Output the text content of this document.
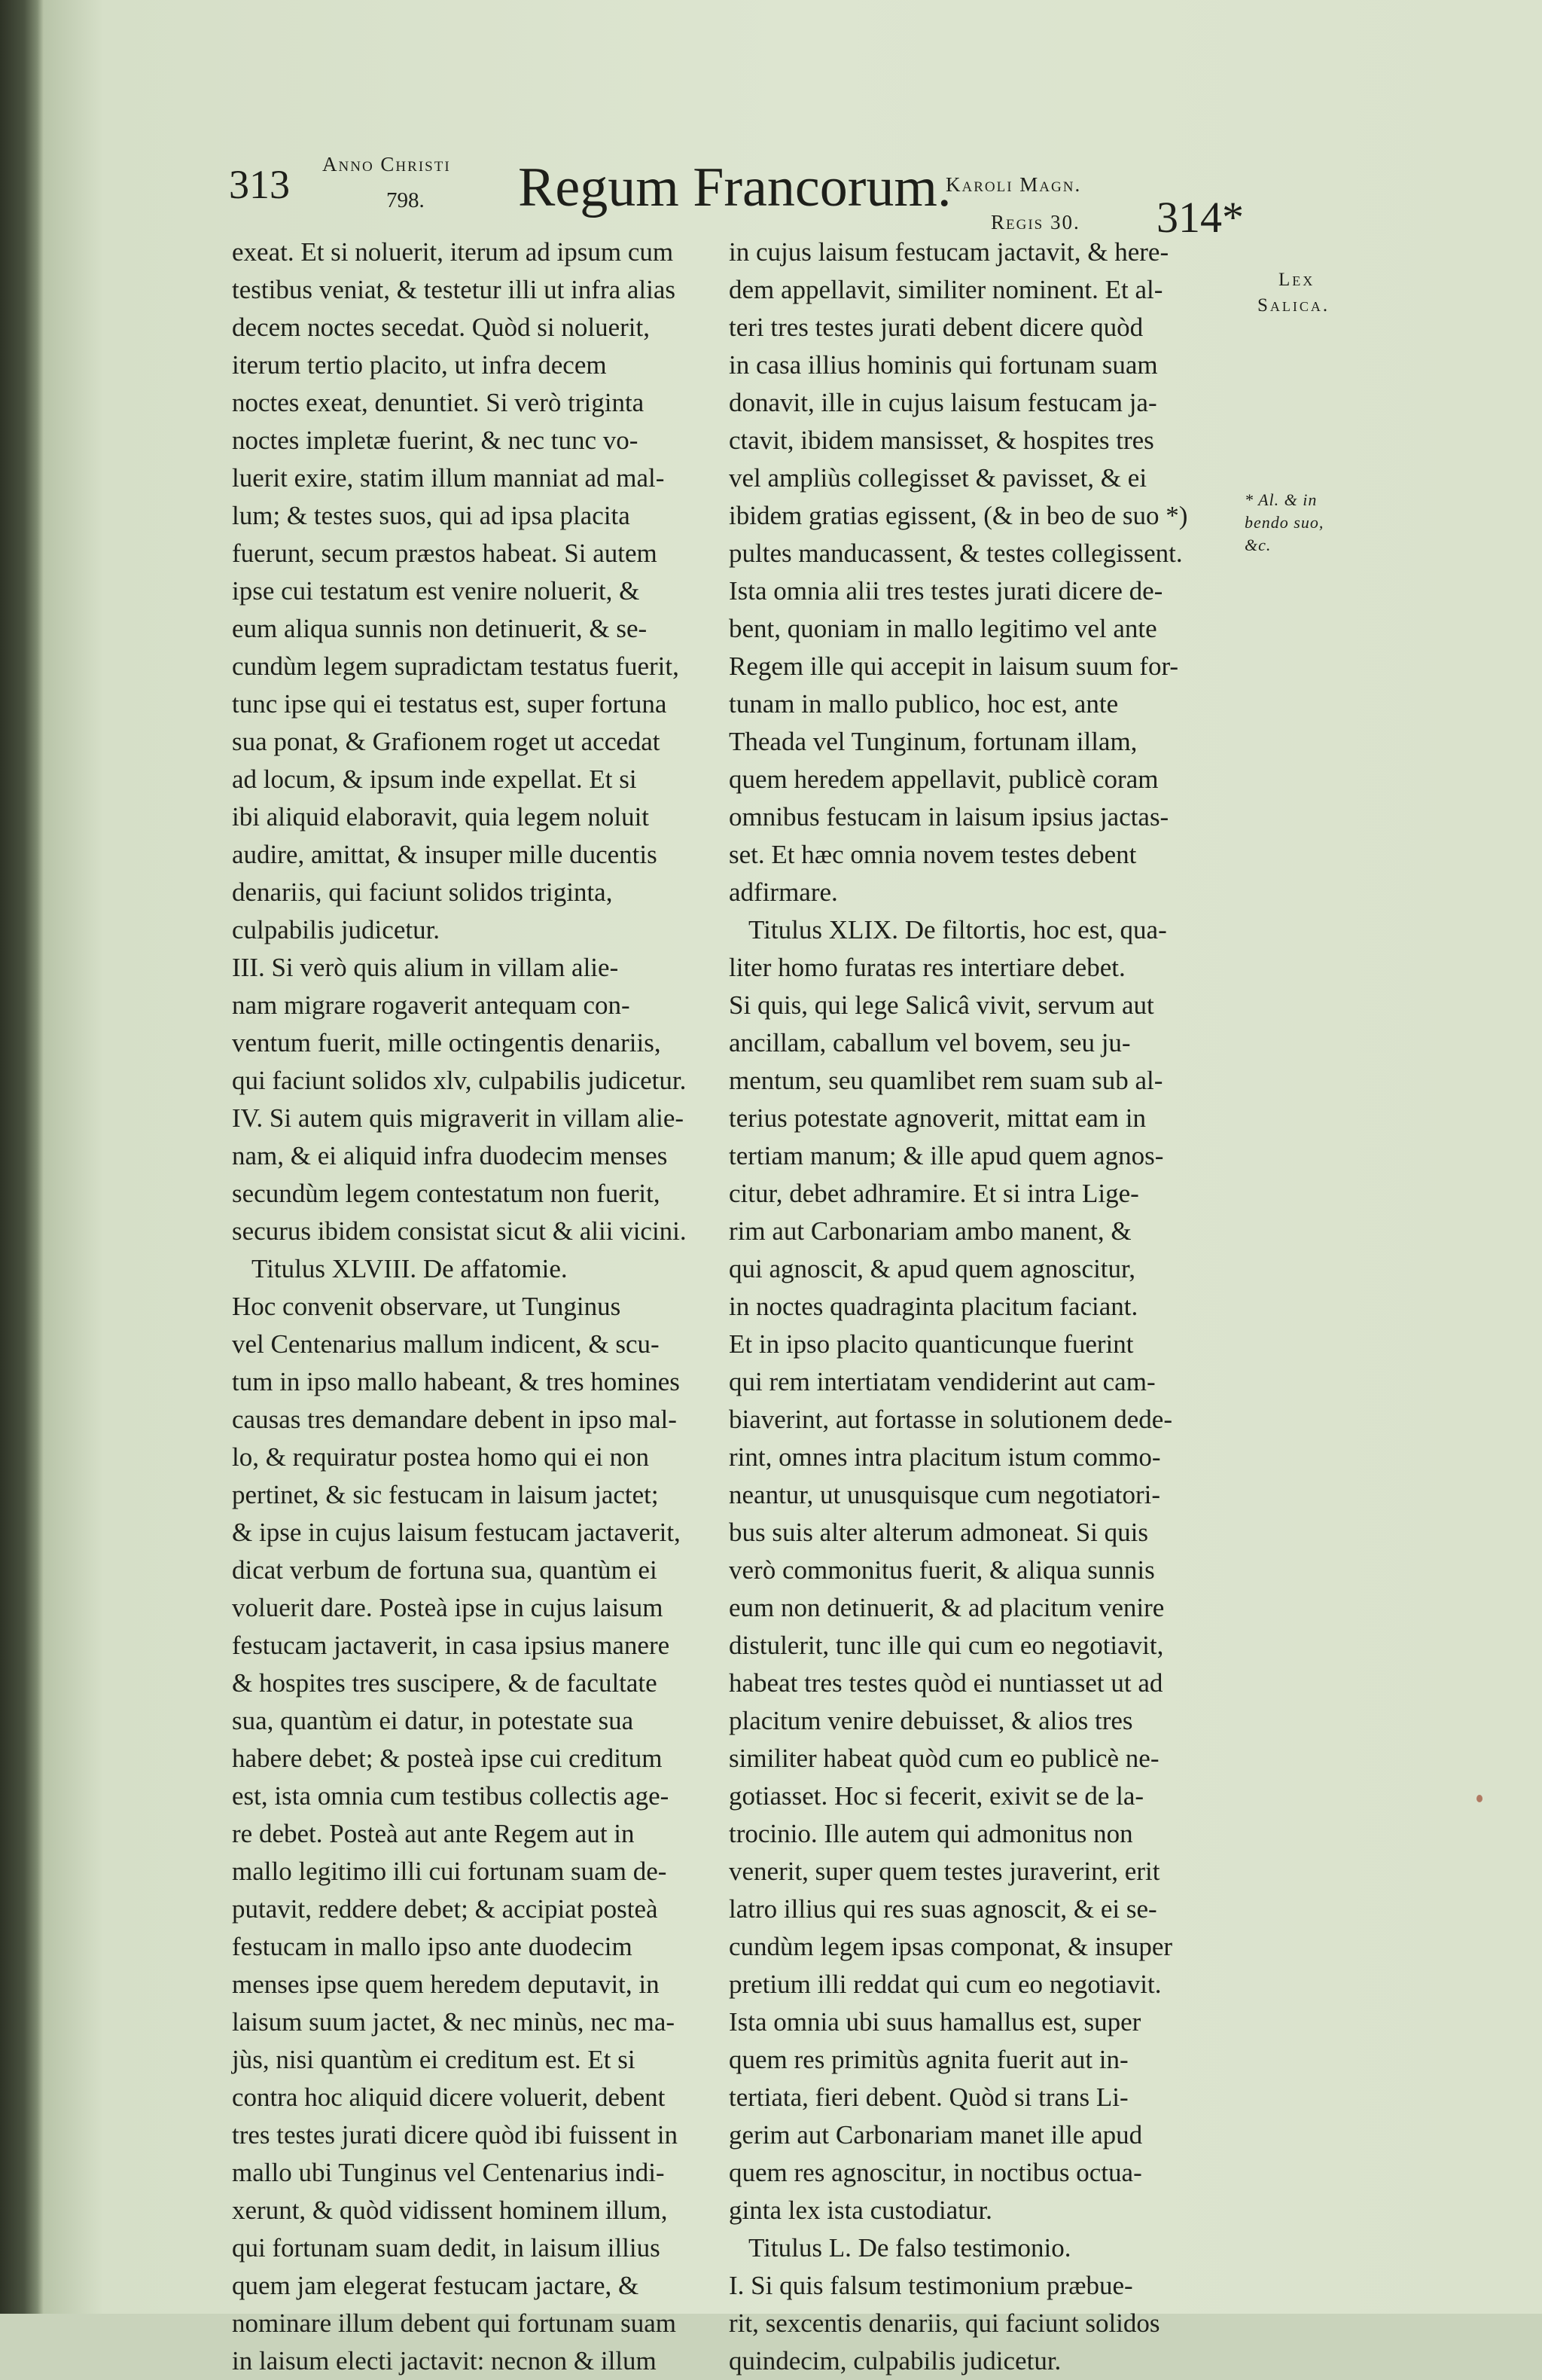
313 Anno Christi
798. Regum Francorum.
Karoli Magn.
Regis 30. 314*
Lex
Salica.
* Al. & in
bendo suo,
&c.
exeat. Et si noluerit, iterum ad ipsum cum
testibus veniat, & testetur illi ut infra alias
decem noctes secedat. Quòd si noluerit,
iterum tertio placito, ut infra decem
noctes exeat, denuntiet. Si verò triginta
noctes impletæ fuerint, & nec tunc vo-
luerit exire, statim illum manniat ad mal-
lum; & testes suos, qui ad ipsa placita
fuerunt, secum præstos habeat. Si autem
ipse cui testatum est venire noluerit, &
eum aliqua sunnis non detinuerit, & se-
cundùm legem supradictam testatus fuerit,
tunc ipse qui ei testatus est, super fortuna
sua ponat, & Grafionem roget ut accedat
ad locum, & ipsum inde expellat. Et si
ibi aliquid elaboravit, quia legem noluit
audire, amittat, & insuper mille ducentis
denariis, qui faciunt solidos triginta,
culpabilis judicetur.
III. Si verò quis alium in villam alie-
nam migrare rogaverit antequam con-
ventum fuerit, mille octingentis denariis,
qui faciunt solidos xlv, culpabilis judicetur.
IV. Si autem quis migraverit in villam alie-
nam, & ei aliquid infra duodecim menses
secundùm legem contestatum non fuerit,
securus ibidem consistat sicut & alii vicini.
Titulus XLVIII. De affatomie.
Hoc convenit observare, ut Tunginus
vel Centenarius mallum indicent, & scu-
tum in ipso mallo habeant, & tres homines
causas tres demandare debent in ipso mal-
lo, & requiratur postea homo qui ei non
pertinet, & sic festucam in laisum jactet;
& ipse in cujus laisum festucam jactaverit,
dicat verbum de fortuna sua, quantùm ei
voluerit dare. Posteà ipse in cujus laisum
festucam jactaverit, in casa ipsius manere
& hospites tres suscipere, & de facultate
sua, quantùm ei datur, in potestate sua
habere debet; & posteà ipse cui creditum
est, ista omnia cum testibus collectis age-
re debet. Posteà aut ante Regem aut in
mallo legitimo illi cui fortunam suam de-
putavit, reddere debet; & accipiat posteà
festucam in mallo ipso ante duodecim
menses ipse quem heredem deputavit, in
laisum suum jactet, & nec minùs, nec ma-
jùs, nisi quantùm ei creditum est. Et si
contra hoc aliquid dicere voluerit, debent
tres testes jurati dicere quòd ibi fuissent in
mallo ubi Tunginus vel Centenarius indi-
xerunt, & quòd vidissent hominem illum,
qui fortunam suam dedit, in laisum illius
quem jam elegerat festucam jactare, &
nominare illum debent qui fortunam suam
in laisum electi jactavit: necnon & illum
in cujus laisum festucam jactavit, & here-
dem appellavit, similiter nominent. Et al-
teri tres testes jurati debent dicere quòd
in casa illius hominis qui fortunam suam
donavit, ille in cujus laisum festucam ja-
ctavit, ibidem mansisset, & hospites tres
vel ampliùs collegisset & pavisset, & ei
ibidem gratias egissent, (& in beo de suo *)
pultes manducassent, & testes collegissent.
Ista omnia alii tres testes jurati dicere de-
bent, quoniam in mallo legitimo vel ante
Regem ille qui accepit in laisum suum for-
tunam in mallo publico, hoc est, ante
Theada vel Tunginum, fortunam illam,
quem heredem appellavit, publicè coram
omnibus festucam in laisum ipsius jactas-
set. Et hæc omnia novem testes debent
adfirmare.
Titulus XLIX. De filtortis, hoc est, qua-
liter homo furatas res intertiare debet.
Si quis, qui lege Salicâ vivit, servum aut
ancillam, caballum vel bovem, seu ju-
mentum, seu quamlibet rem suam sub al-
terius potestate agnoverit, mittat eam in
tertiam manum; & ille apud quem agnos-
citur, debet adhramire. Et si intra Lige-
rim aut Carbonariam ambo manent, &
qui agnoscit, & apud quem agnoscitur,
in noctes quadraginta placitum faciant.
Et in ipso placito quanticunque fuerint
qui rem intertiatam vendiderint aut cam-
biaverint, aut fortasse in solutionem dede-
rint, omnes intra placitum istum commo-
neantur, ut unusquisque cum negotiatori-
bus suis alter alterum admoneat. Si quis
verò commonitus fuerit, & aliqua sunnis
eum non detinuerit, & ad placitum venire
distulerit, tunc ille qui cum eo negotiavit,
habeat tres testes quòd ei nuntiasset ut ad
placitum venire debuisset, & alios tres
similiter habeat quòd cum eo publicè ne-
gotiasset. Hoc si fecerit, exivit se de la-
trocinio. Ille autem qui admonitus non
venerit, super quem testes juraverint, erit
latro illius qui res suas agnoscit, & ei se-
cundùm legem ipsas componat, & insuper
pretium illi reddat qui cum eo negotiavit.
Ista omnia ubi suus hamallus est, super
quem res primitùs agnita fuerit aut in-
tertiata, fieri debent. Quòd si trans Li-
gerim aut Carbonariam manet ille apud
quem res agnoscitur, in noctibus octua-
ginta lex ista custodiatur.
Titulus L. De falso testimonio.
I. Si quis falsum testimonium præbue-
rit, sexcentis denariis, qui faciunt solidos
quindecim, culpabilis judicetur.
